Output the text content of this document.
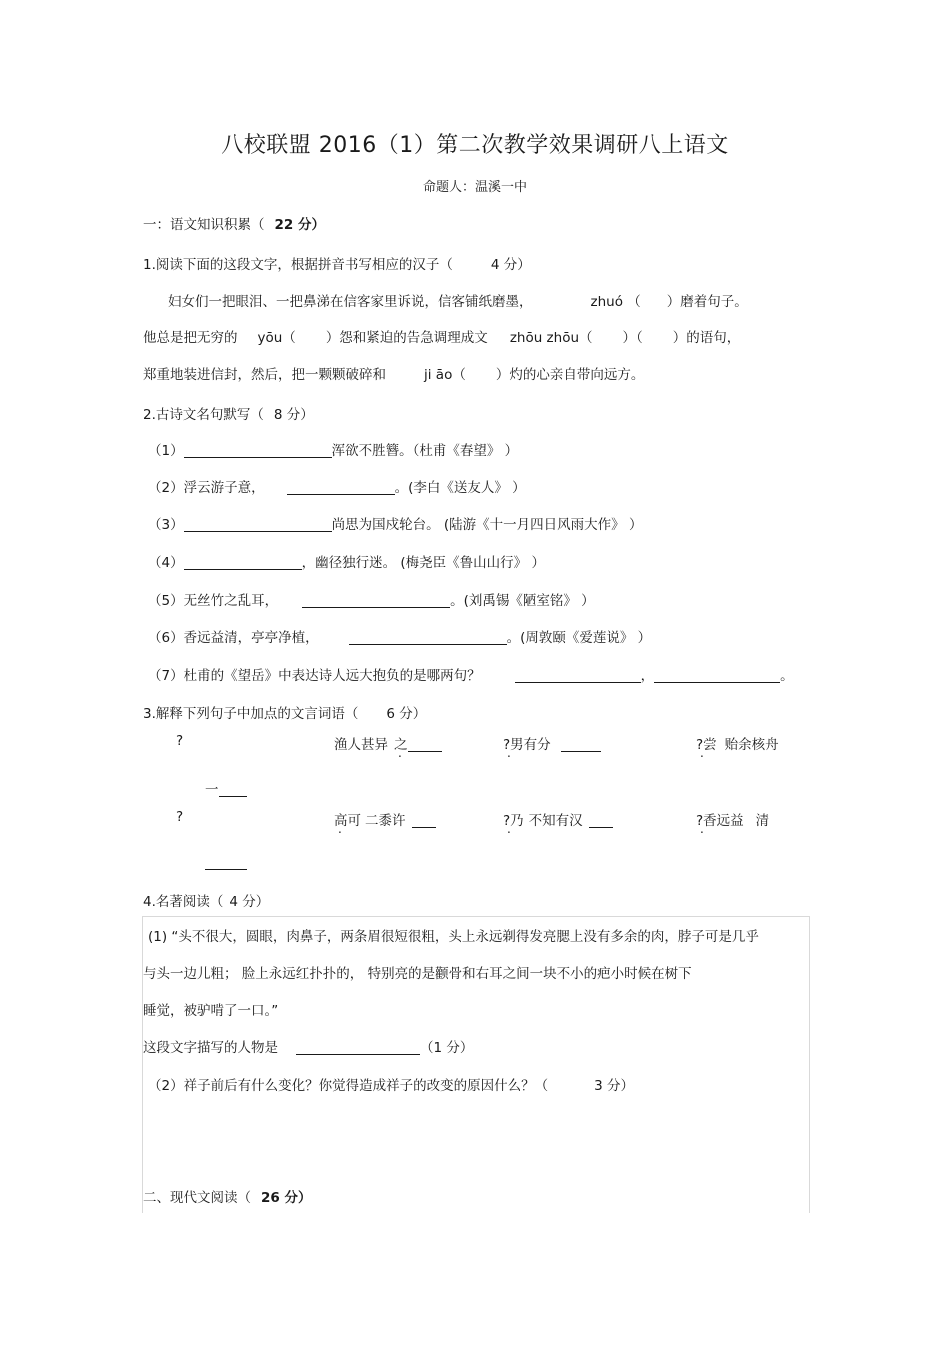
八校联盟 2016（1）第二次教学效果调研八上语文
命题人：温溪一中
一：语文知识积累（ 22 分）
1.阅读下面的这段文字，根据拼音书写相应的汉子（	4 分）
妇女们一把眼泪、一把鼻涕在信客家里诉说，信客铺纸磨墨，	zhuó （ ）磨着句子。
他总是把无穷的 yōu（ ）怨和紧迫的告急调理成文 zhōu zhōu（ ）（ ）的语句，
郑重地装进信封，然后，把一颗颗破碎和	ji āo（ ）灼的心亲自带向远方。
2.古诗文名句默写（ 8 分）
（1）	浑欲不胜簪。（杜甫《春望》 ）
（2）浮云游子意，	。(李白《送友人》 ）
（3）	尚思为国戍轮台。 (陆游《十一月四日风雨大作》 ）
（4）	，幽径独行迷。 (梅尧臣《鲁山山行》 ）
（5）无丝竹之乱耳，	。(刘禹锡《陋室铭》 ）
（6）香远益清，亭亭净植，	。(周敦颐《爱莲说》 ）
（7）杜甫的《望岳》中表达诗人远大抱负的是哪两句？	，	。
3.解释下列句子中加点的文言词语（ 6 分）
?	渔人甚异 之	?男有分 .	?尝 . 贻余核舟
一
?	高可 二黍许	?乃 . 不知有汉	?香远益 . 清
4.名著阅读（ 4 分）
(1) “头不很大，圆眼，肉鼻子，两条眉很短很粗，头上永远剃得发亮腮上没有多余的肉，脖子可是几乎
与头一边儿粗； 脸上永远红扑扑的， 特别亮的是颧骨和右耳之间一块不小的疤小时候在树下
睡觉，被驴啃了一口。”
这段文字描写的人物是	（1 分）
（2）祥子前后有什么变化？你觉得造成祥子的改变的原因什么？（	3 分）
二、现代文阅读（ 26 分）
